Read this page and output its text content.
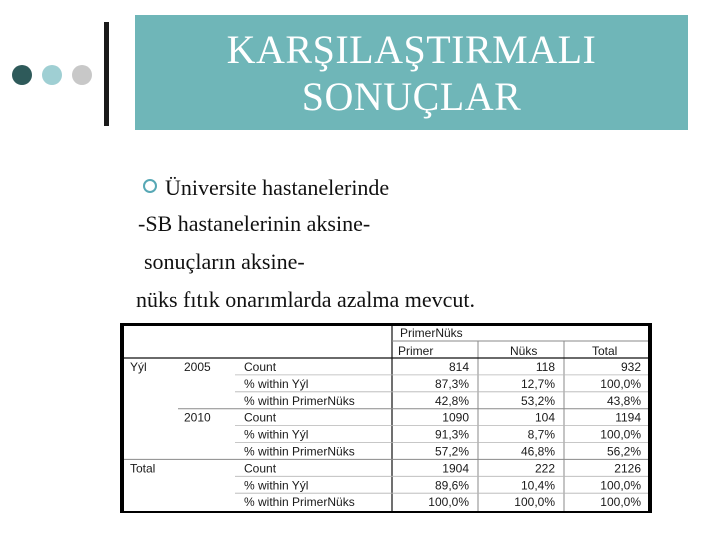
KARŞILAŞTIRMALI
SONUÇLAR
Üniversite hastanelerinde
-SB hastanelerinin aksine-
sonuçların aksine-
nüks fıtık onarımlarda azalma mevcut.
PrimerNüks
Primer	Nüks	Total
Yýl	2005	Count	814	118	932
% within Yýl	87,3%	12,7%	100,0%
% within PrimerNüks	42,8%	53,2%	43,8%
2010	Count	1090	104	1194
% within Yýl	91,3%	8,7%	100,0%
% within PrimerNüks	57,2%	46,8%	56,2%
Total	Count	1904	222	2126
% within Yýl	89,6%	10,4%	100,0%
% within PrimerNüks	100,0%	100,0%	100,0%
